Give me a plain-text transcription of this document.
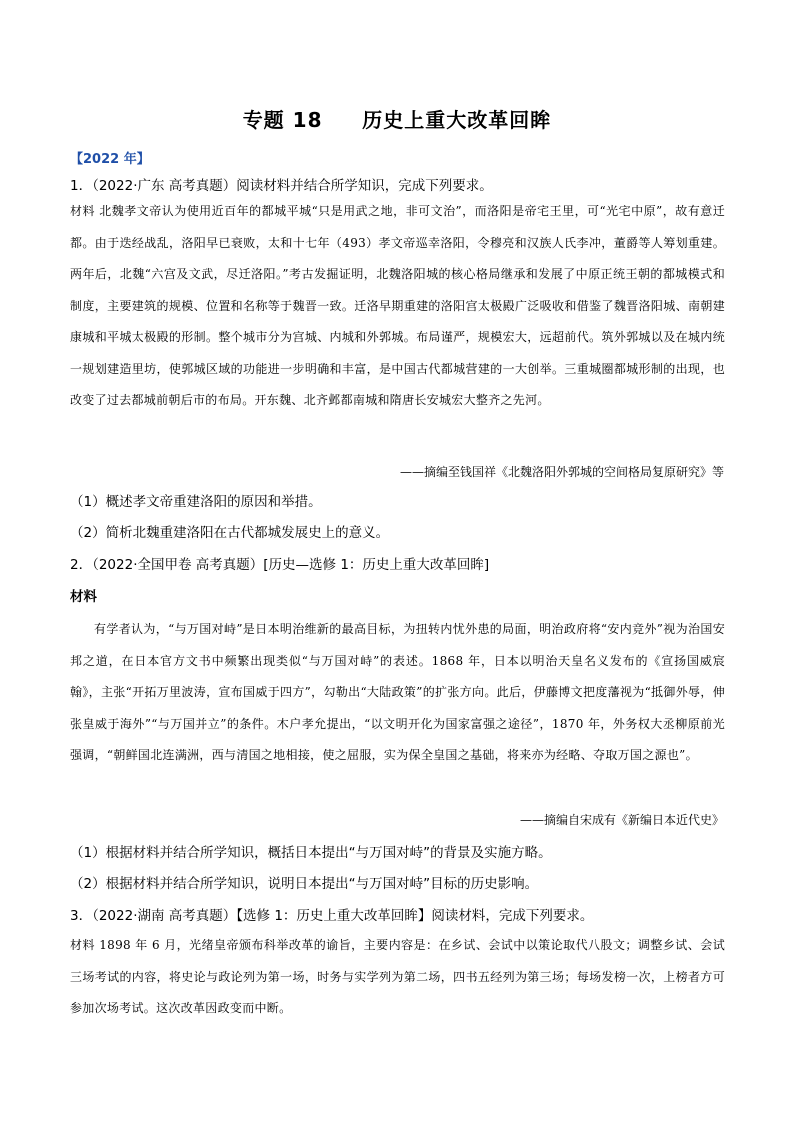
专题 18     历史上重大改革回眸
【2022 年】
1．（2022·广东 高考真题）阅读材料并结合所学知识，完成下列要求。
材料 北魏孝文帝认为使用近百年的都城平城“只是用武之地，非可文治”，而洛阳是帝宅王里，可“光宅中原”，故有意迁都。由于迭经战乱，洛阳早已衰败，太和十七年（493）孝文帝巡幸洛阳，令穆亮和汉族人氏李冲，董爵等人筹划重建。两年后，北魏“六宫及文武，尽迁洛阳。”考古发掘证明，北魏洛阳城的核心格局继承和发展了中原正统王朝的都城模式和制度，主要建筑的规模、位置和名称等于魏晋一致。迁洛早期重建的洛阳宫太极殿广泛吸收和借鉴了魏晋洛阳城、南朝建康城和平城太极殿的形制。整个城市分为宫城、内城和外郭城。布局谨严，规模宏大，远超前代。筑外郭城以及在城内统一规划建造里坊，使郭城区域的功能进一步明确和丰富，是中国古代都城营建的一大创举。三重城圈都城形制的出现，也改变了过去都城前朝后市的布局。开东魏、北齐邺都南城和隋唐长安城宏大整齐之先河。
——摘编至钱国祥《北魏洛阳外郭城的空间格局复原研究》等
（1）概述孝文帝重建洛阳的原因和举措。
（2）简析北魏重建洛阳在古代都城发展史上的意义。
2．（2022·全国甲卷 高考真题）[历史—选修 1：历史上重大改革回眸]
材料
有学者认为，“与万国对峙”是日本明治维新的最高目标，为扭转内忧外患的局面，明治政府将“安内竞外”视为治国安邦之道，在日本官方文书中频繁出现类似“与万国对峙”的表述。1868 年，日本以明治天皇名义发布的《宣扬国威宸翰》，主张“开拓万里波涛，宣布国威于四方”，勾勒出“大陆政策”的扩张方向。此后，伊藤博文把度藩视为“抵御外辱，伸张皇威于海外”“与万国并立”的条件。木户孝允提出，“以文明开化为国家富强之途径”，1870 年，外务权大丞柳原前光强调，“朝鲜国北连满洲，西与清国之地相接，使之屈服，实为保全皇国之基础，将来亦为经略、夺取万国之源也”。
——摘编自宋成有《新编日本近代史》
（1）根据材料并结合所学知识，概括日本提出“与万国对峙”的背景及实施方略。
（2）根据材料并结合所学知识，说明日本提出“与万国对峙”目标的历史影响。
3．（2022·湖南 高考真题）【选修 1：历史上重大改革回眸】阅读材料，完成下列要求。
材料 1898 年 6 月，光绪皇帝颁布科举改革的谕旨，主要内容是：在乡试、会试中以策论取代八股文；调整乡试、会试三场考试的内容，将史论与政论列为第一场，时务与实学列为第二场，四书五经列为第三场；每场发榜一次，上榜者方可参加次场考试。这次改革因政变而中断。
